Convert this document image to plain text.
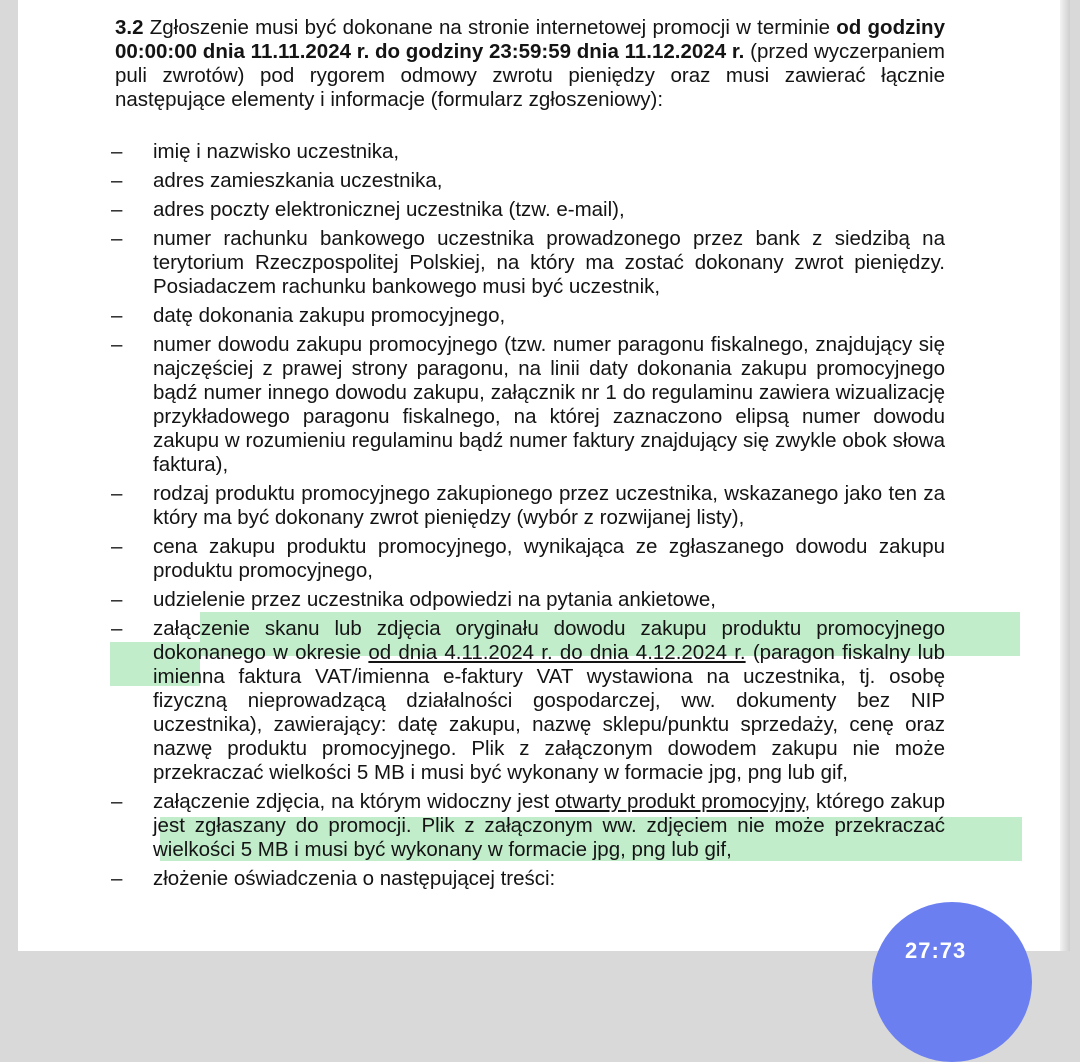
3.2 Zgłoszenie musi być dokonane na stronie internetowej promocji w terminie od godziny 00:00:00 dnia 11.11.2024 r. do godziny 23:59:59 dnia 11.12.2024 r. (przed wyczerpaniem puli zwrotów) pod rygorem odmowy zwrotu pieniędzy oraz musi zawierać łącznie następujące elementy i informacje (formularz zgłoszeniowy):

– imię i nazwisko uczestnika,
– adres zamieszkania uczestnika,
– adres poczty elektronicznej uczestnika (tzw. e-mail),
– numer rachunku bankowego uczestnika prowadzonego przez bank z siedzibą na terytorium Rzeczpospolitej Polskiej, na który ma zostać dokonany zwrot pieniędzy. Posiadaczem rachunku bankowego musi być uczestnik,
– datę dokonania zakupu promocyjnego,
– numer dowodu zakupu promocyjnego (tzw. numer paragonu fiskalnego, znajdujący się najczęściej z prawej strony paragonu, na linii daty dokonania zakupu promocyjnego bądź numer innego dowodu zakupu, załącznik nr 1 do regulaminu zawiera wizualizację przykładowego paragonu fiskalnego, na której zaznaczono elipsą numer dowodu zakupu w rozumieniu regulaminu bądź numer faktury znajdujący się zwykle obok słowa faktura),
– rodzaj produktu promocyjnego zakupionego przez uczestnika, wskazanego jako ten za który ma być dokonany zwrot pieniędzy (wybór z rozwijanej listy),
– cena zakupu produktu promocyjnego, wynikająca ze zgłaszanego dowodu zakupu produktu promocyjnego,
– udzielenie przez uczestnika odpowiedzi na pytania ankietowe,
– załączenie skanu lub zdjęcia oryginału dowodu zakupu produktu promocyjnego dokonanego w okresie od dnia 4.11.2024 r. do dnia 4.12.2024 r. (paragon fiskalny lub imienna faktura VAT/imienna e-faktury VAT wystawiona na uczestnika, tj. osobę fizyczną nieprowadzącą działalności gospodarczej, ww. dokumenty bez NIP uczestnika), zawierający: datę zakupu, nazwę sklepu/punktu sprzedaży, cenę oraz nazwę produktu promocyjnego. Plik z załączonym dowodem zakupu nie może przekraczać wielkości 5 MB i musi być wykonany w formacie jpg, png lub gif,
– załączenie zdjęcia, na którym widoczny jest otwarty produkt promocyjny, którego zakup jest zgłaszany do promocji. Plik z załączonym ww. zdjęciem nie może przekraczać wielkości 5 MB i musi być wykonany w formacie jpg, png lub gif,
– złożenie oświadczenia o następującej treści:
27:73
